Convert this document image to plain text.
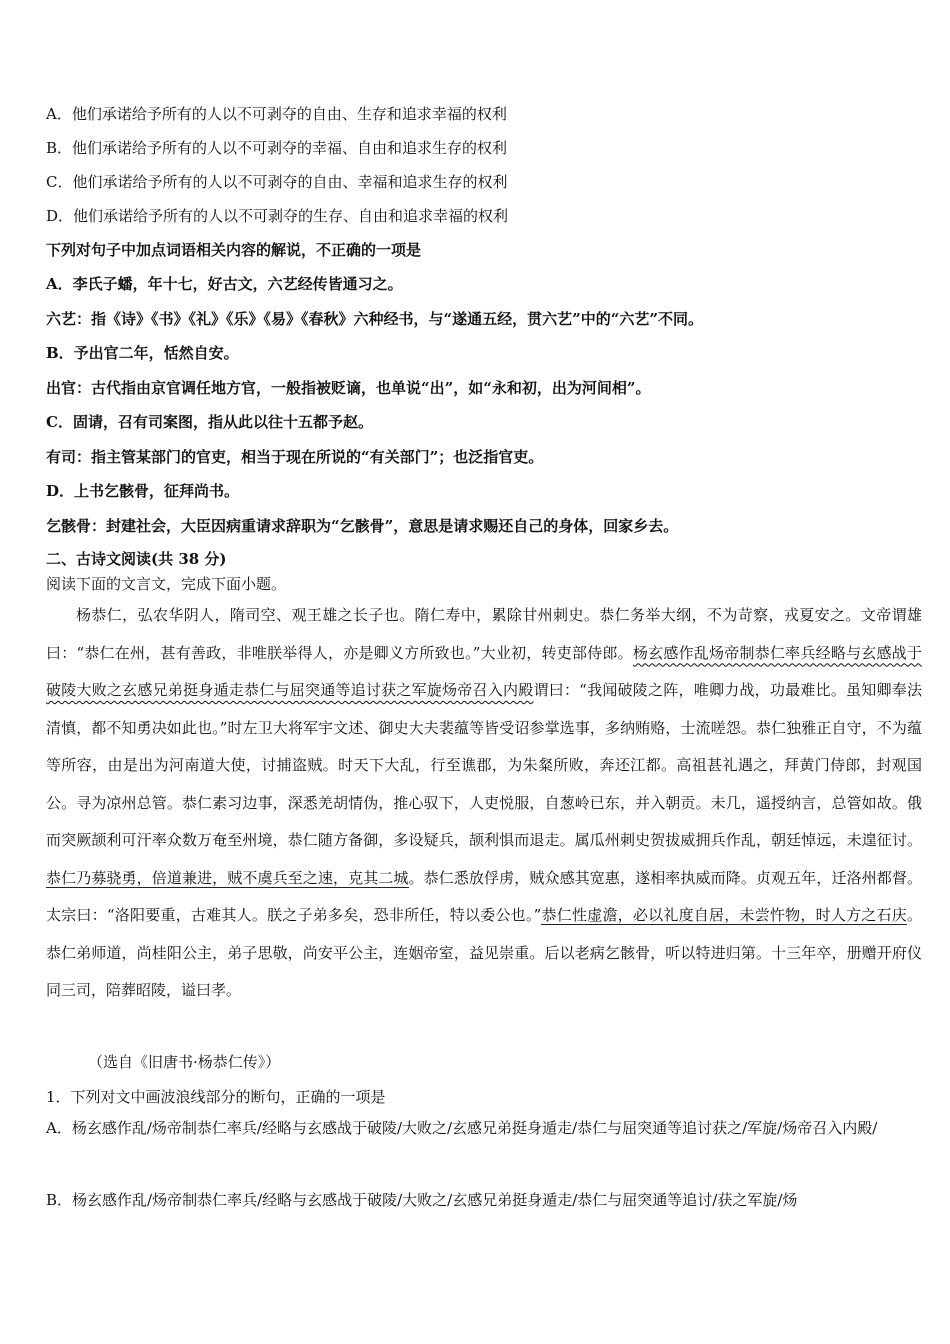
A．他们承诺给予所有的人以不可剥夺的自由、生存和追求幸福的权利
B．他们承诺给予所有的人以不可剥夺的幸福、自由和追求生存的权利
C．他们承诺给予所有的人以不可剥夺的自由、幸福和追求生存的权利
D．他们承诺给予所有的人以不可剥夺的生存、自由和追求幸福的权利
下列对句子中加点词语相关内容的解说，不正确的一项是
A．李氏子蟠，年十七，好古文，六艺经传皆通习之。
六艺：指《诗》《书》《礼》《乐》《易》《春秋》六种经书，与“遂通五经，贯六艺”中的“六艺”不同。
B．予出官二年，恬然自安。
出官：古代指由京官调任地方官，一般指被贬谪，也单说“出”，如“永和初，出为河间相”。
C．固请，召有司案图，指从此以往十五都予赵。
有司：指主管某部门的官吏，相当于现在所说的“有关部门”；也泛指官吏。
D．上书乞骸骨，征拜尚书。
乞骸骨：封建社会，大臣因病重请求辞职为“乞骸骨”，意思是请求赐还自己的身体，回家乡去。
二、古诗文阅读(共 38 分)
阅读下面的文言文，完成下面小题。
杨恭仁，弘农华阴人，隋司空、观王雄之长子也。隋仁寿中，累除甘州刺史。恭仁务举大纲，不为苛察，戎夏安之。文帝谓雄曰：“恭仁在州，甚有善政，非唯朕举得人，亦是卿义方所致也。”大业初，转吏部侍郎。杨玄感作乱炀帝制恭仁率兵经略与玄感战于破陵大败之玄感兄弟挺身遁走恭仁与屈突通等追讨获之军旋炀帝召入内殿谓曰：“我闻破陵之阵，唯卿力战，功最难比。虽知卿奉法清慎，都不知勇决如此也。”时左卫大将军宇文述、御史大夫裴蕴等皆受诏参掌选事，多纳贿赂，士流嗟怨。恭仁独雅正自守，不为蕴等所容，由是出为河南道大使，讨捕盗贼。时天下大乱，行至谯郡，为朱粲所败，奔还江都。高祖甚礼遇之，拜黄门侍郎，封观国公。寻为凉州总管。恭仁素习边事，深悉羌胡情伪，推心驭下，人吏悦服，自葱岭已东，并入朝贡。未几，遥授纳言，总管如故。俄而突厥颉利可汗率众数万奄至州境，恭仁随方备御，多设疑兵，颉利惧而退走。属瓜州刺史贺拔威拥兵作乱，朝廷悼远，未遑征讨。恭仁乃募骁勇，倍道兼进，贼不虞兵至之速，克其二城。恭仁悉放俘虏，贼众感其宽惠，遂相率执威而降。贞观五年，迁洛州都督。太宗曰：“洛阳要重，古难其人。朕之子弟多矣，恐非所任，特以委公也。”恭仁性虚澹，必以礼度自居，未尝忤物，时人方之石庆。恭仁弟师道，尚桂阳公主，弟子思敬，尚安平公主，连姻帝室，益见崇重。后以老病乞骸骨，听以特进归第。十三年卒，册赠开府仪同三司，陪葬昭陵，谥曰孝。
（选自《旧唐书·杨恭仁传》）
1．下列对文中画波浪线部分的断句，正确的一项是
A．杨玄感作乱/炀帝制恭仁率兵/经略与玄感战于破陵/大败之/玄感兄弟挺身遁走/恭仁与屈突通等追讨获之/军旋/炀帝召入内殿/
B．杨玄感作乱/炀帝制恭仁率兵/经略与玄感战于破陵/大败之/玄感兄弟挺身遁走/恭仁与屈突通等追讨/获之军旋/炀
